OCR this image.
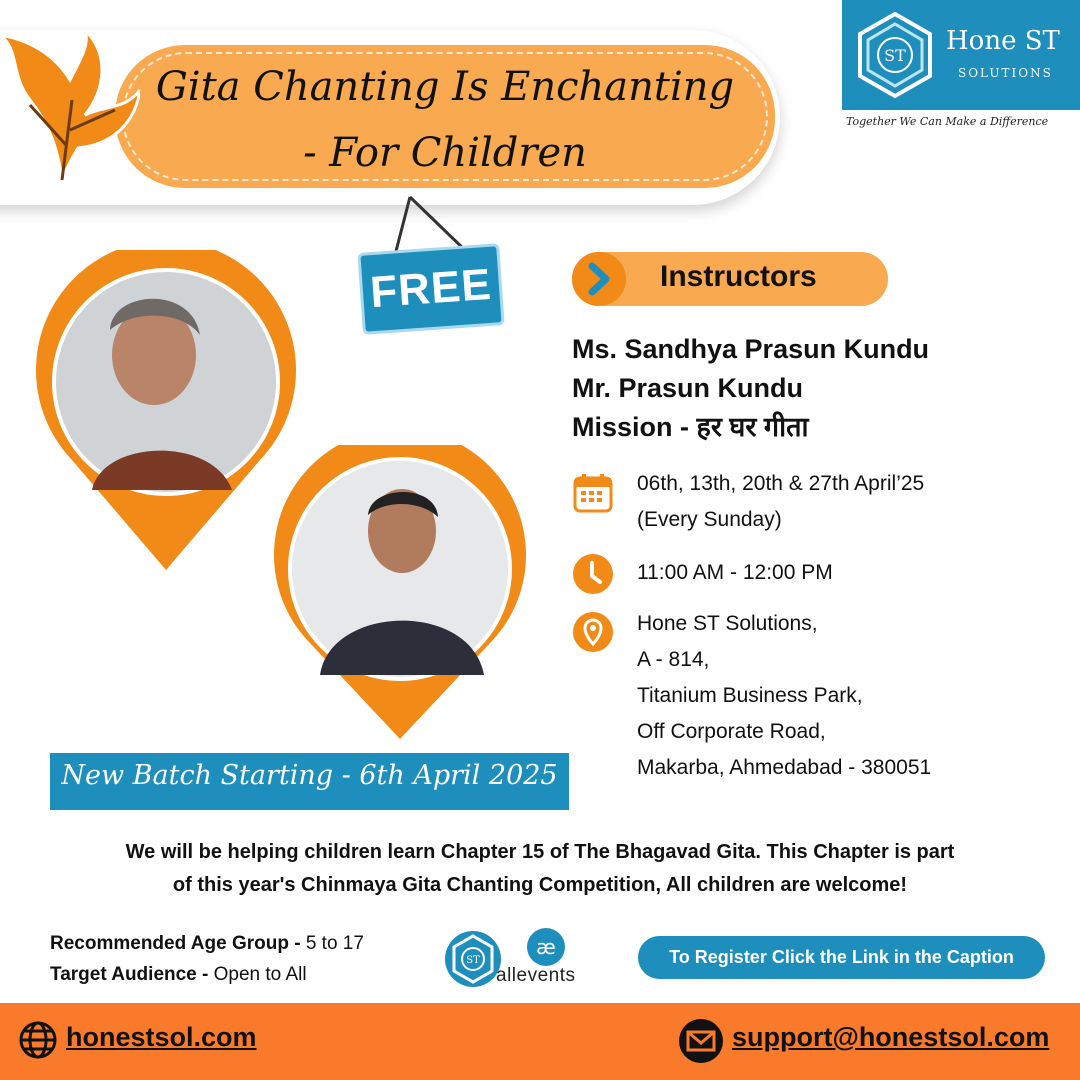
Gita Chanting Is Enchanting
- For Children
ST Hone ST
SOLUTIONS
Together We Can Make a Difference
FREE	Instructors
Ms. Sandhya Prasun Kundu
Mr. Prasun Kundu
Mission - हर घर गीता
06th, 13th, 20th & 27th April’25
(Every Sunday)
11:00 AM - 12:00 PM
Hone ST Solutions,
A - 814,
Titanium Business Park,
Off Corporate Road,
Makarba, Ahmedabad - 380051
New Batch Starting - 6th April 2025
We will be helping children learn Chapter 15 of The Bhagavad Gita. This Chapter is part
of this year's Chinmaya Gita Chanting Competition, All children are welcome!
Recommended Age Group - 5 to 17
Target Audience - Open to All
ST
æ
allevents
To Register Click the Link in the Caption
honestsol.com	support@honestsol.com
